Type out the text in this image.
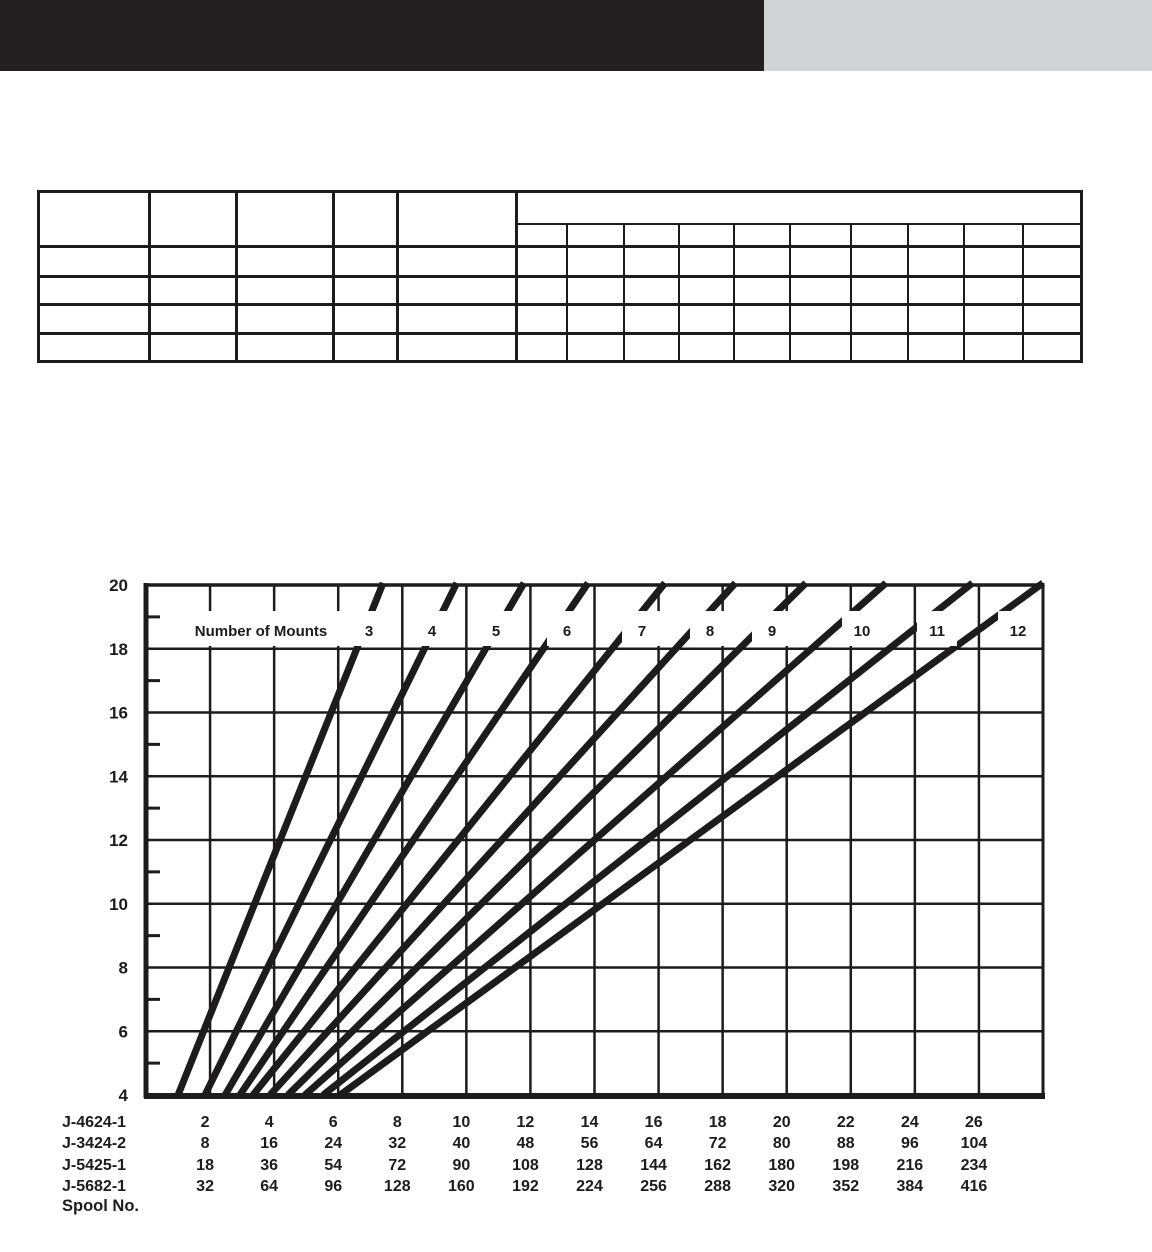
Number of Mounts	3	4	5	6	7	8	9	10	11	12
20
18
16
14
12
10
8
6
4
J-4624-1	2	4	6	8	10	12	14	16	18	20	22	24	26
J-3424-2	8	16	24	32	40	48	56	64	72	80	88	96	104
J-5425-1	18	36	54	72	90	108 128 144 162 180 198 216 234
J-5682-1	32	64	96	128 160 192 224 256 288 320 352 384 416
Spool No.
